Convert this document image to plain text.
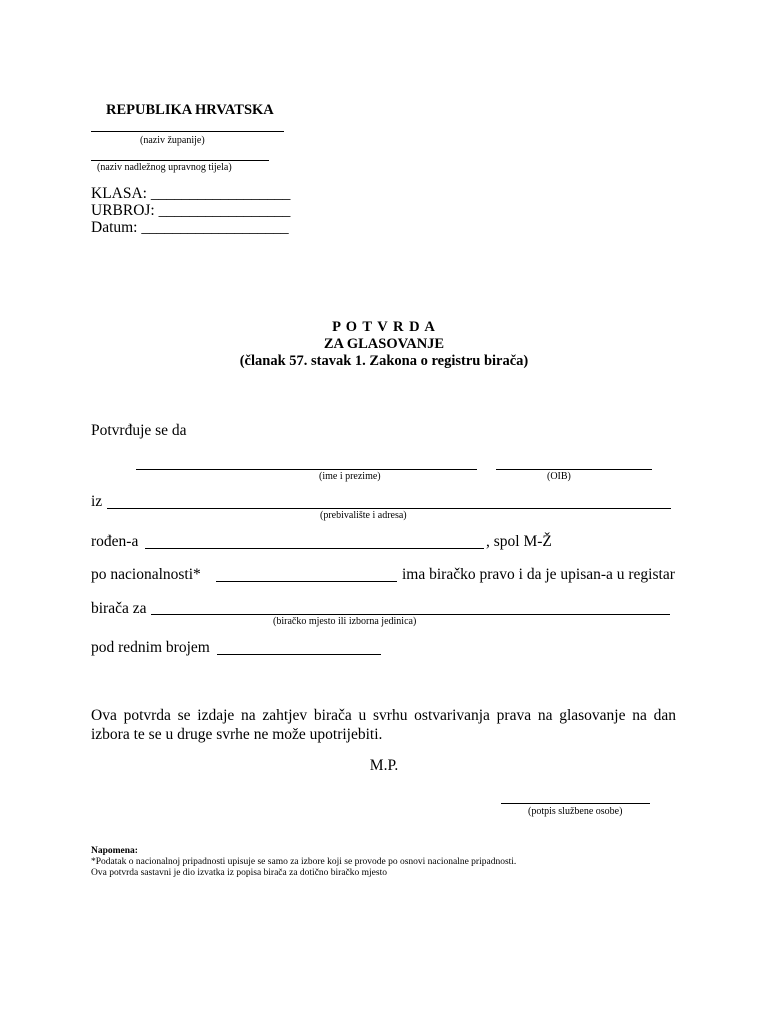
REPUBLIKA HRVATSKA
(naziv županije)
(naziv nadležnog upravnog tijela)
KLASA: __________________
URBROJ: _________________
Datum: ___________________
P O T V R D A
ZA GLASOVANJE
(članak 57. stavak 1. Zakona o registru birača)
Potvrđuje se da
(ime i prezime)	(OIB)
iz
(prebivalište i adresa)
rođen-a	, spol M-Ž
po nacionalnosti*	ima biračko pravo i da je upisan-a u registar
birača za
(biračko mjesto ili izborna jedinica)
pod rednim brojem
Ova potvrda se izdaje na zahtjev birača u svrhu ostvarivanja prava na glasovanje na dan izbora te se u druge svrhe ne može upotrijebiti.
M.P.
(potpis službene osobe)
Napomena:
*Podatak o nacionalnoj pripadnosti upisuje se samo za izbore koji se provode po osnovi nacionalne pripadnosti.
Ova potvrda sastavni je dio izvatka iz popisa birača za dotično biračko mjesto
